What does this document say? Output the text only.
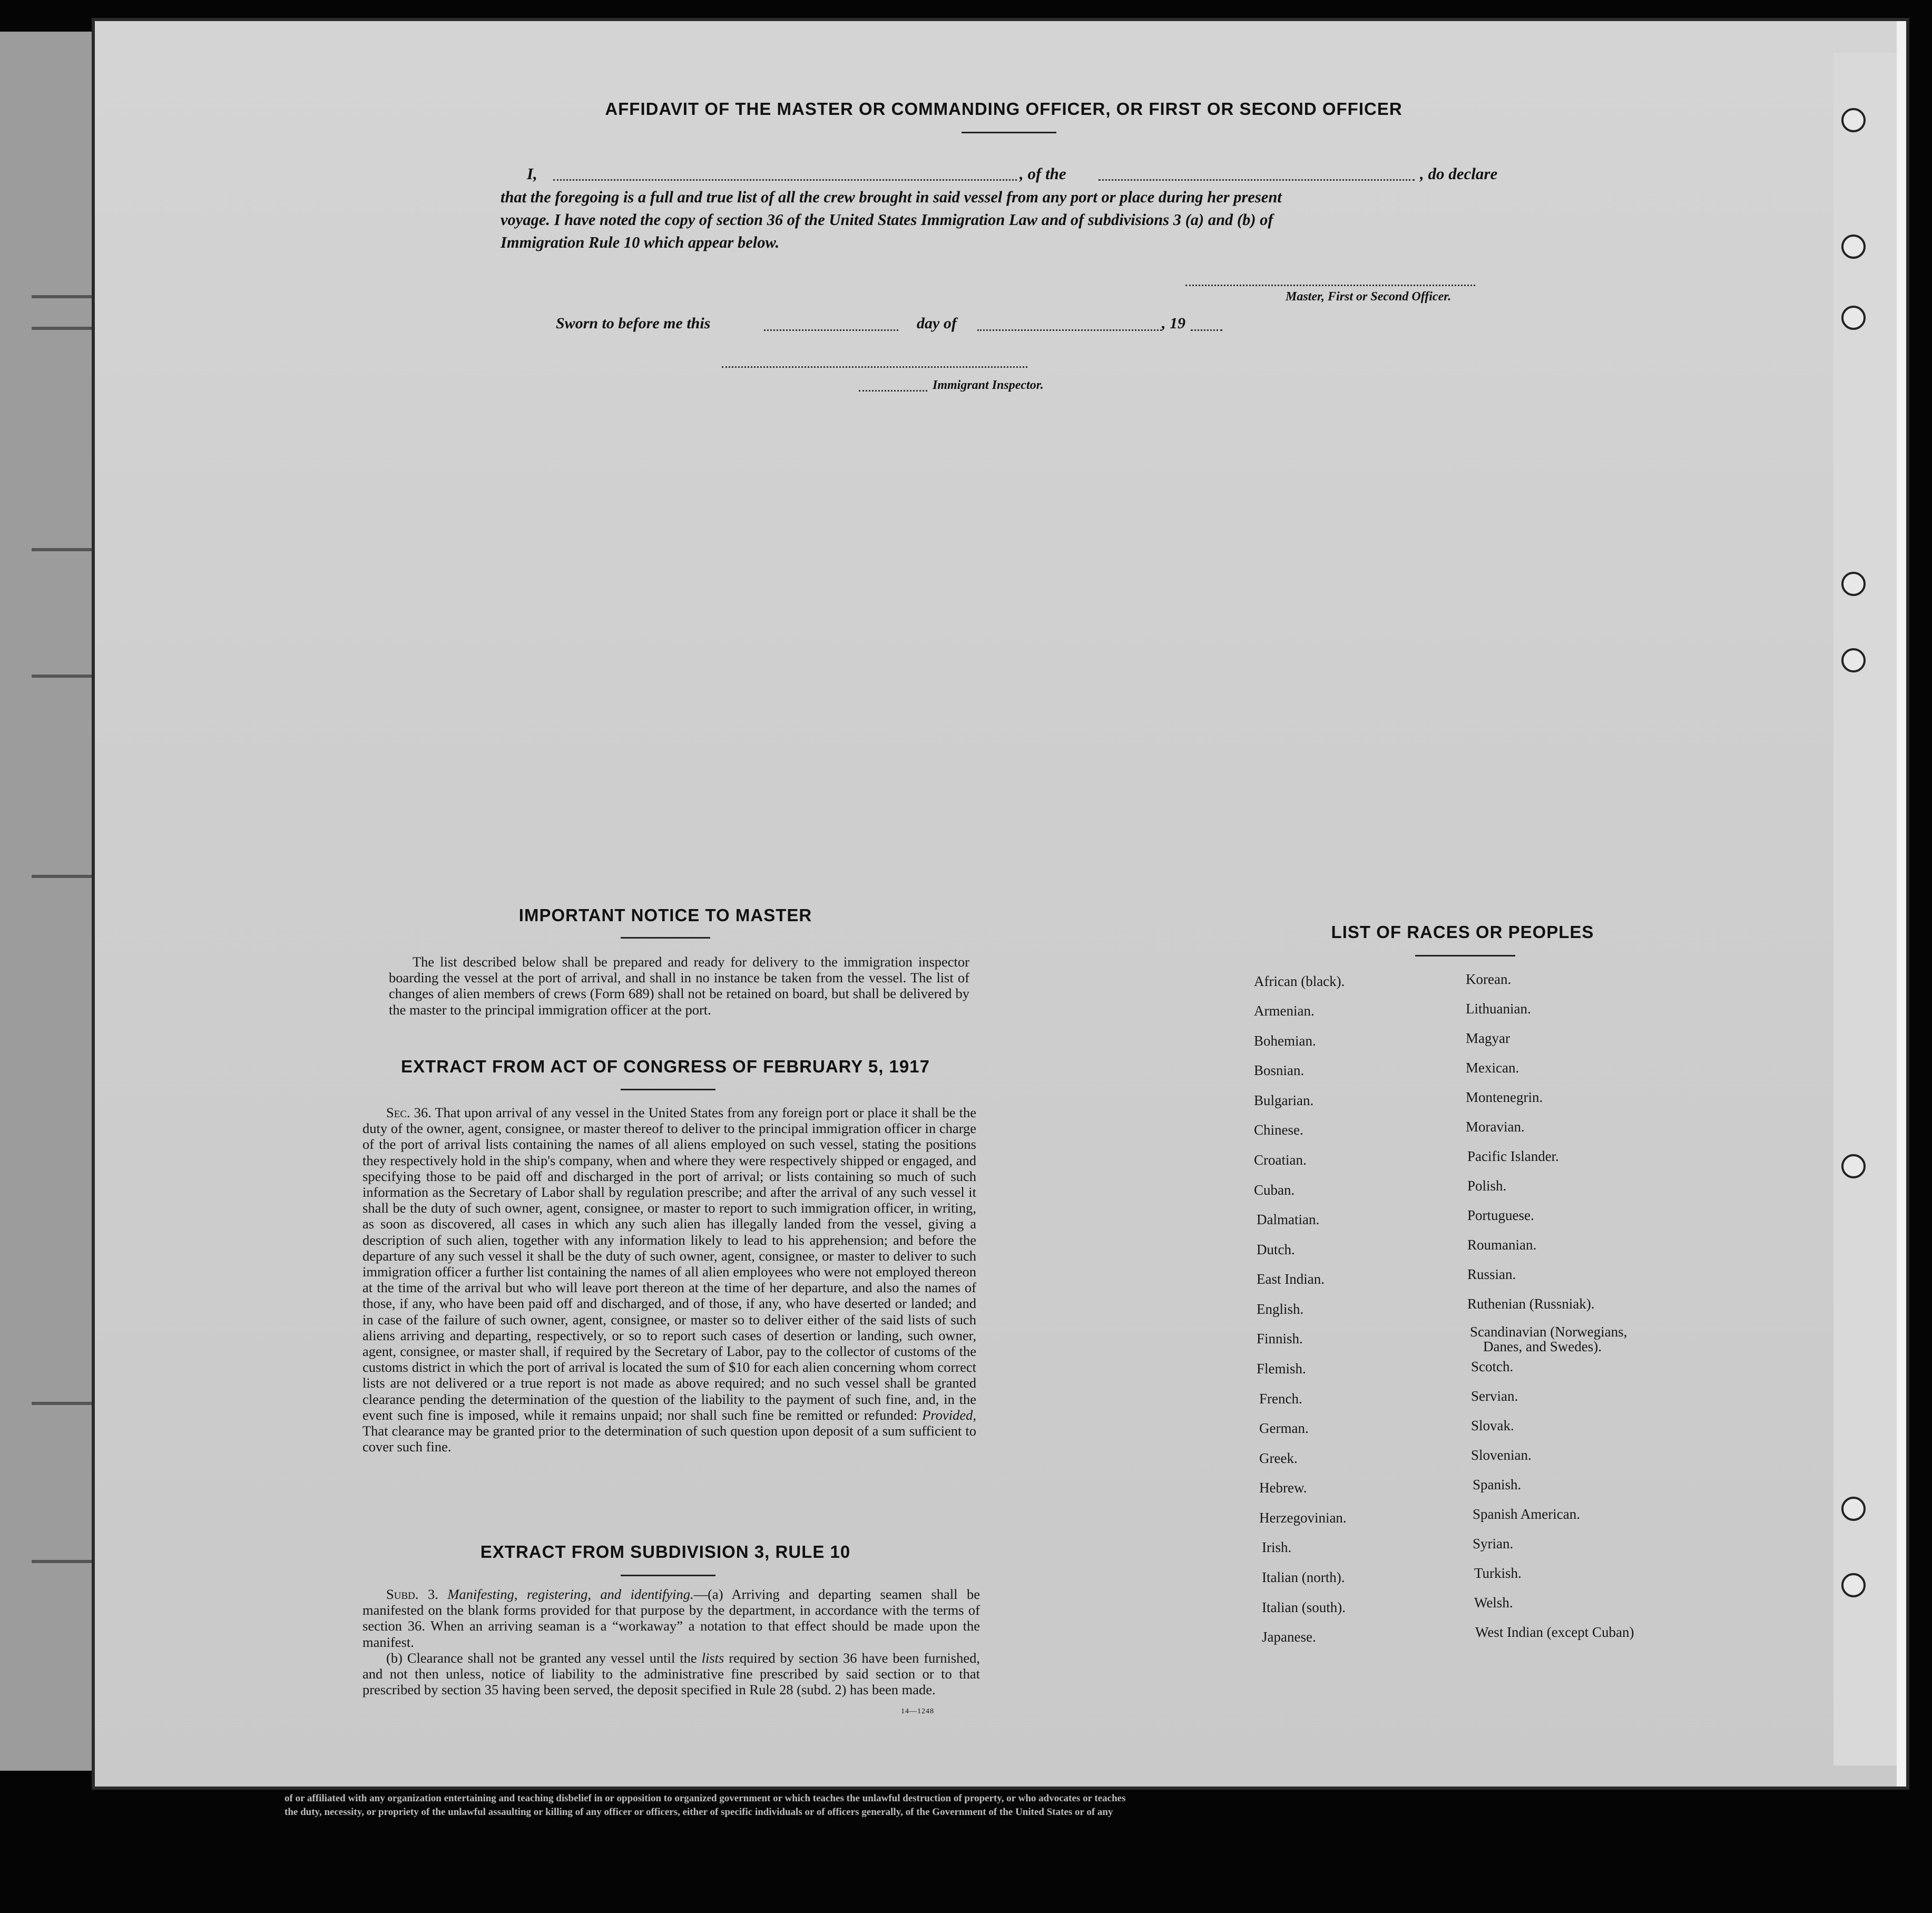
AFFIDAVIT OF THE MASTER OR COMMANDING OFFICER, OR FIRST OR SECOND OFFICER
I,	, of the	, do declare
that the foregoing is a full and true list of all the crew brought in said vessel from any port or place during her present
voyage. I have noted the copy of section 36 of the United States Immigration Law and of subdivisions 3 (a) and (b) of
Immigration Rule 10 which appear below.
Master, First or Second Officer.
Sworn to before me this	day of	, 19
Immigrant Inspector.
IMPORTANT NOTICE TO MASTER

The list described below shall be prepared and ready for delivery to the immigration inspector boarding the vessel at the port of arrival, and shall in no instance be taken from the vessel. The list of changes of alien members of crews (Form 689) shall not be retained on board, but shall be delivered by the master to the principal immigration officer at the port.

EXTRACT FROM ACT OF CONGRESS OF FEBRUARY 5, 1917

Sec. 36. That upon arrival of any vessel in the United States from any foreign port or place it shall be the duty of the owner, agent, consignee, or master thereof to deliver to the principal immigration officer in charge of the port of arrival lists containing the names of all aliens employed on such vessel, stating the positions they respectively hold in the ship's company, when and where they were respectively shipped or engaged, and specifying those to be paid off and discharged in the port of arrival; or lists containing so much of such information as the Secretary of Labor shall by regulation prescribe; and after the arrival of any such vessel it shall be the duty of such owner, agent, consignee, or master to report to such immigration officer, in writing, as soon as discovered, all cases in which any such alien has illegally landed from the vessel, giving a description of such alien, together with any information likely to lead to his apprehension; and before the departure of any such vessel it shall be the duty of such owner, agent, consignee, or master to deliver to such immigration officer a further list containing the names of all alien employees who were not employed thereon at the time of the arrival but who will leave port thereon at the time of her departure, and also the names of those, if any, who have been paid off and discharged, and of those, if any, who have deserted or landed; and in case of the failure of such owner, agent, consignee, or master so to deliver either of the said lists of such aliens arriving and departing, respectively, or so to report such cases of desertion or landing, such owner, agent, consignee, or master shall, if required by the Secretary of Labor, pay to the collector of customs of the customs district in which the port of arrival is located the sum of $10 for each alien concerning whom correct lists are not delivered or a true report is not made as above required; and no such vessel shall be granted clearance pending the determination of the question of the liability to the payment of such fine, and, in the event such fine is imposed, while it remains unpaid; nor shall such fine be remitted or refunded: Provided, That clearance may be granted prior to the determination of such question upon deposit of a sum sufficient to cover such fine.

EXTRACT FROM SUBDIVISION 3, RULE 10

Subd. 3. Manifesting, registering, and identifying.—(a) Arriving and departing seamen shall be manifested on the blank forms provided for that purpose by the department, in accordance with the terms of section 36. When an arriving seaman is a “workaway” a notation to that effect should be made upon the manifest.

(b) Clearance shall not be granted any vessel until the lists required by section 36 have been furnished, and not then unless, notice of liability to the administrative fine prescribed by said section or to that prescribed by section 35 having been served, the deposit specified in Rule 28 (subd. 2) has been made.

14—1248
LIST OF RACES OR PEOPLES
African (black).
Armenian.
Bohemian.
Bosnian.
Bulgarian.
Chinese.
Croatian.
Cuban.
Dalmatian.
Dutch.
East Indian.
English.
Finnish.
Flemish.
French.
German.
Greek.
Hebrew.
Herzegovinian.
Irish.
Italian (north).
Italian (south).
Japanese.
Korean.
Lithuanian.
Magyar
Mexican.
Montenegrin.
Moravian.
Pacific Islander.
Polish.
Portuguese.
Roumanian.
Russian.
Ruthenian (Russniak).
Scandinavian (Norwegians,
Danes, and Swedes).
Scotch.
Servian.
Slovak.
Slovenian.
Spanish.
Spanish American.
Syrian.
Turkish.
Welsh.
West Indian (except Cuban)
of or affiliated with any organization entertaining and teaching disbelief in or opposition to organized government or which teaches the unlawful destruction of property, or who advocates or teaches
the duty, necessity, or propriety of the unlawful assaulting or killing of any officer or officers, either of specific individuals or of officers generally, of the Government of the United States or of any
